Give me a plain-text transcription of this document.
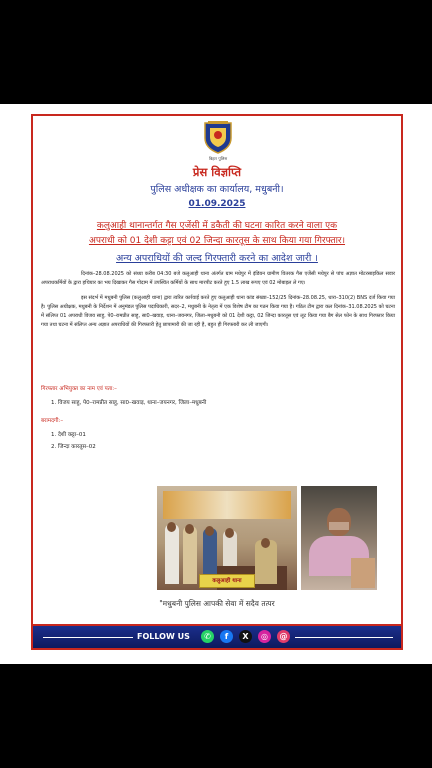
बिहार पुलिस
प्रेस विज्ञप्ति
पुलिस अधीक्षक का कार्यालय, मधुबनी।
01.09.2025
कलुआही थानान्तर्गत गैस एजेंसी में डकैती की घटना कारित करने वाला एक
अपराधी को 01 देशी कट्टा एवं 02 जिन्दा कारतूस के साथ किया गया गिरफ्तार।
अन्य अपराधियों की जल्द गिरफ्तारी करने का आदेश जारी ।
दिनांक–28.08.2025 को संध्या करीब 04:30 बजे कलुआही थाना अंतर्गत ग्राम मधेपुर में इंडियन ग्रामीण वितरक गैस एजेंसी मधेपुर से पांच अज्ञात मोटरसाइकिल सवार अपराधकर्मियों के द्वारा हथियार का भय दिखाकर गैस गोदाम में उपस्थित कर्मियों के साथ मारपीट करते हुए 1.5 लाख रूपए एवं 02 मोबाइल ले गए।
इस संदर्भ में मधुबनी पुलिस (कलुआही थाना) द्वारा त्वरित कार्रवाई करते हुए कलुआही थाना कांड संख्या–152/25 दिनांक–28.08.25, धारा–310(2) BNS दर्ज किया गया है। पुलिस अधीक्षक, मधुबनी के निर्देशन में अनुमंडल पुलिस पदाधिकारी, सदर–2, मधुबनी के नेतृत्व में एक विशेष टीम का गठन किया गया है। गठित टीम द्वारा कल दिनांक–31.08.2025 को घटना में संलिप्त 01 अपराधी विजय साहु, पे0–रामप्रीत साहु, सा0–खवाड़, थाना–जयनगर, जिला–मधुबनी को 01 देशी कट्टा, 02 जिन्दा कारतूस एवं लूट किया गया बैग सेल फोन के साथ गिरफ्तार किया गया तथा घटना में संलिप्त अन्य अज्ञात अपराधियों की गिरफ्तारी हेतु छापामारी की जा रही है, बहुत ही गिरफ्तारी कर ली जाएगी।
गिरफ्तार अभियुक्त का नाम एवं पता:–
1. विजय साहु, पे0–रामप्रीत साहु, सा0–खवाड़, थाना–जयनगर, जिला–मधुबनी
बरामदगी:–
1. देशी कट्टा–01
2. जिन्दा कारतूस–02
कलुआही थाना
"मधुबनी पुलिस आपकी सेवा में सदैव तत्पर
FOLLOW US	✆	f	X	◎	@
